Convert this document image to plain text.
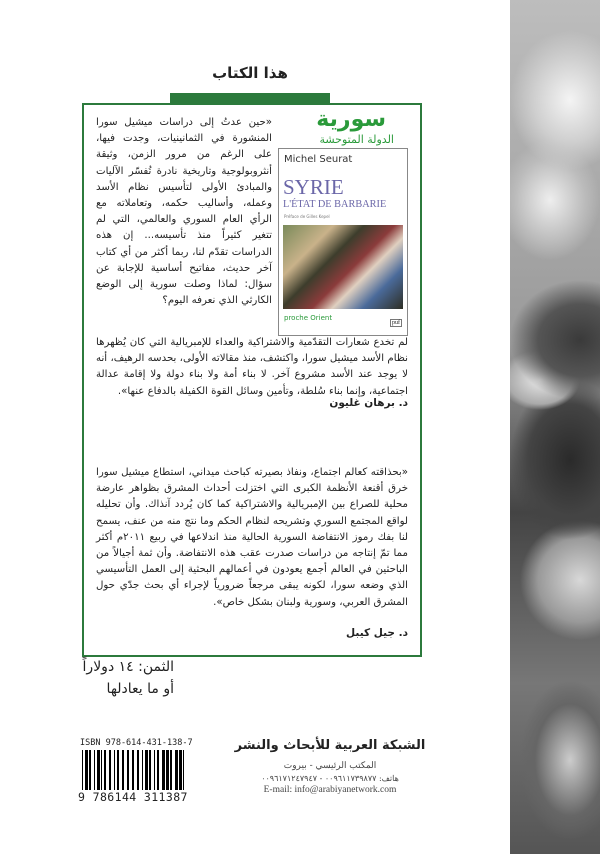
هذا الكتاب
سورية
الدولة المتوحشة
Michel Seurat
SYRIE
L'ÉTAT DE BARBARIE
Préface de Gilles Kepel
proche Orient
puf
«حين عدتُ إلى دراسات ميشيل سورا المنشورة في الثمانينيات، وجدت فيها، على الرغم من مرور الزمن، وثيقة أنثروبولوجية وتاريخية نادرة تُفسّر الآليات والمبادئ الأولى لتأسيس نظام الأسد وعمله، وأساليب حكمه، وتعاملاته مع الرأي العام السوري والعالمي، التي لم تتغير كثيراً منذ تأسيسه... إن هذه الدراسات تقدّم لنا، ربما أكثر من أي كتاب آخر حديث، مفاتيح أساسية للإجابة عن سؤال: لماذا وصلت سورية إلى الوضع الكارثي الذي نعرفه اليوم؟
لم تخدع شعارات التقدّمية والاشتراكية والعداء للإمبريالية التي كان يُظهرها نظام الأسد ميشيل سورا، واكتشف، منذ مقالاته الأولى، بحدسه الرهيف، أنه لا يوجد عند الأسد مشروع آخر. لا بناء أمة ولا بناء دولة ولا إقامة عدالة اجتماعية، وإنما بناء سُلطة، وتأمين وسائل القوة الكفيلة بالدفاع عنها».
د. برهان غليون
«بحذاقته كعالم اجتماع، ونفاذ بصيرته كباحث ميداني، استطاع ميشيل سورا خرق أقنعة الأنظمة الكبرى التي اختزلت أحداث المشرق بظواهر عارضة محلية للصراع بين الإمبريالية والاشتراكية كما كان يُردد آنذاك. وأن تحليله لواقع المجتمع السوري وتشريحه لنظام الحكم وما نتج منه من عنف، يسمح لنا بفك رموز الانتفاضة السورية الحالية منذ اندلاعها في ربيع ٢٠١١م أكثر مما تمّ إنتاجه من دراسات صدرت عقب هذه الانتفاضة. وأن ثمة أجيالاً من الباحثين في العالم أجمع يعودون في أعمالهم البحثية إلى العمل التأسيسي الذي وضعه سورا، لكونه يبقى مرجعاً ضرورياً لإجراء أي بحث جدّي حول المشرق العربي، وسورية ولبنان بشكل خاص».
د. جيل كيبل
الثمن: ١٤ دولاراً
أو ما يعادلها
ISBN 978-614-431-138-7
9 786144 311387
الشبكة العربية للأبحاث والنشر
المكتب الرئيسي - بيروت
هاتف: ٠٠٩٦١١٧٣٩٨٧٧ - ٠٠٩٦١٧١٢٤٧٩٤٧
E-mail: info@arabiyanetwork.com
